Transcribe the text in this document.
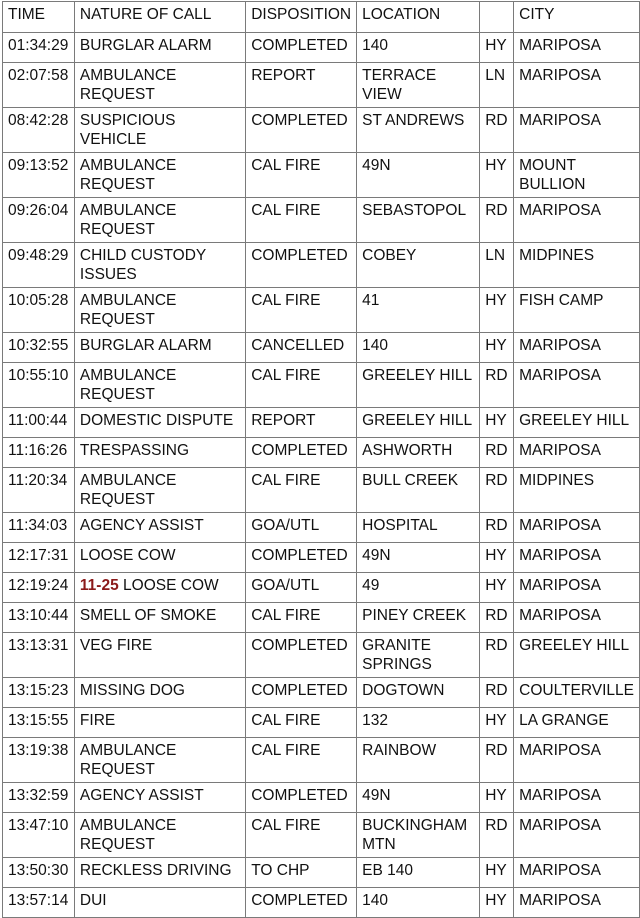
TIME	NATURE OF CALL	DISPOSITION	LOCATION		CITY
01:34:29	BURGLAR ALARM	COMPLETED	140	HY	MARIPOSA
02:07:58	AMBULANCE REQUEST	REPORT	TERRACE VIEW	LN	MARIPOSA
08:42:28	SUSPICIOUS VEHICLE	COMPLETED	ST ANDREWS	RD	MARIPOSA
09:13:52	AMBULANCE REQUEST	CAL FIRE	49N	HY	MOUNT BULLION
09:26:04	AMBULANCE REQUEST	CAL FIRE	SEBASTOPOL	RD	MARIPOSA
09:48:29	CHILD CUSTODY ISSUES	COMPLETED	COBEY	LN	MIDPINES
10:05:28	AMBULANCE REQUEST	CAL FIRE	41	HY	FISH CAMP
10:32:55	BURGLAR ALARM	CANCELLED	140	HY	MARIPOSA
10:55:10	AMBULANCE REQUEST	CAL FIRE	GREELEY HILL	RD	MARIPOSA
11:00:44	DOMESTIC DISPUTE	REPORT	GREELEY HILL	HY	GREELEY HILL
11:16:26	TRESPASSING	COMPLETED	ASHWORTH	RD	MARIPOSA
11:20:34	AMBULANCE REQUEST	CAL FIRE	BULL CREEK	RD	MIDPINES
11:34:03	AGENCY ASSIST	GOA/UTL	HOSPITAL	RD	MARIPOSA
12:17:31	LOOSE COW	COMPLETED	49N	HY	MARIPOSA
12:19:24	11-25 LOOSE COW	GOA/UTL	49	HY	MARIPOSA
13:10:44	SMELL OF SMOKE	CAL FIRE	PINEY CREEK	RD	MARIPOSA
13:13:31	VEG FIRE	COMPLETED	GRANITE SPRINGS	RD	GREELEY HILL
13:15:23	MISSING DOG	COMPLETED	DOGTOWN	RD	COULTERVILLE
13:15:55	FIRE	CAL FIRE	132	HY	LA GRANGE
13:19:38	AMBULANCE REQUEST	CAL FIRE	RAINBOW	RD	MARIPOSA
13:32:59	AGENCY ASSIST	COMPLETED	49N	HY	MARIPOSA
13:47:10	AMBULANCE REQUEST	CAL FIRE	BUCKINGHAM MTN	RD	MARIPOSA
13:50:30	RECKLESS DRIVING	TO CHP	EB 140	HY	MARIPOSA
13:57:14	DUI	COMPLETED	140	HY	MARIPOSA
